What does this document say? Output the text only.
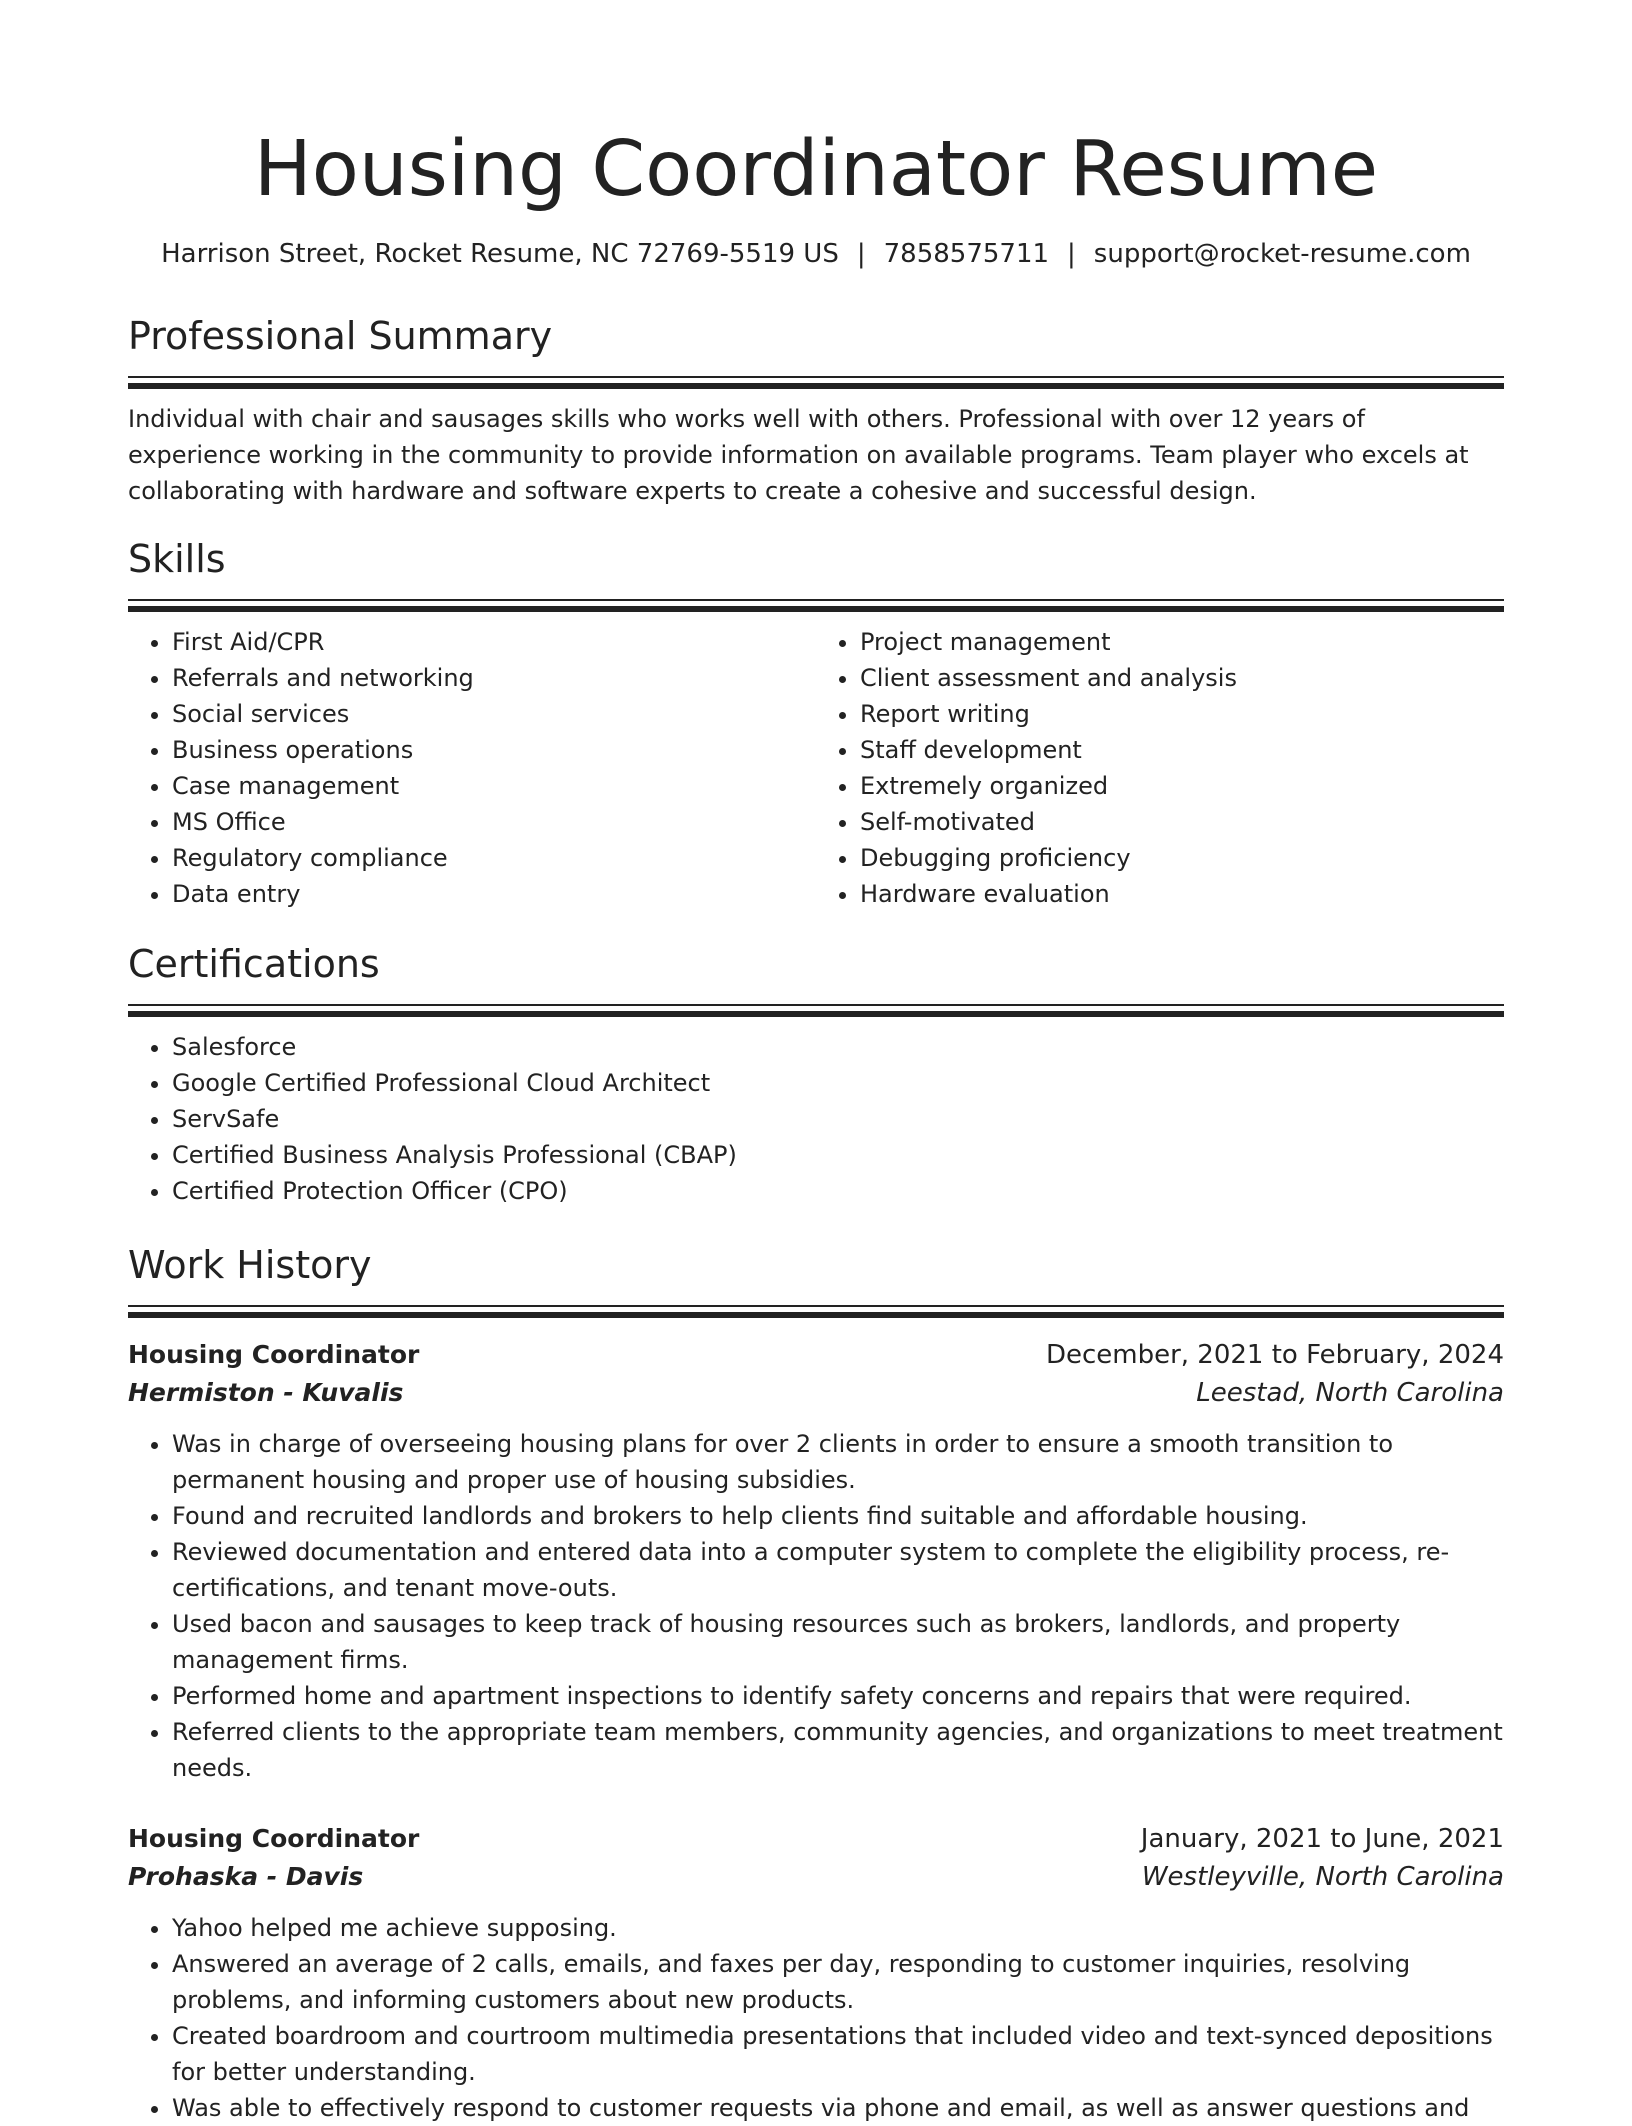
Housing Coordinator Resume
Harrison Street, Rocket Resume, NC 72769-5519 US | 7858575711 | support@rocket-resume.com
Professional Summary
Individual with chair and sausages skills who works well with others. Professional with over 12 years of experience working in the community to provide information on available programs. Team player who excels at collaborating with hardware and software experts to create a cohesive and successful design.
Skills
• First Aid/CPR
• Referrals and networking
• Social services
• Business operations
• Case management
• MS Office
• Regulatory compliance
• Data entry
• Project management
• Client assessment and analysis
• Report writing
• Staff development
• Extremely organized
• Self-motivated
• Debugging proficiency
• Hardware evaluation
Certifications
• Salesforce
• Google Certified Professional Cloud Architect
• ServSafe
• Certified Business Analysis Professional (CBAP)
• Certified Protection Officer (CPO)
Work History
Housing Coordinator	December, 2021 to February, 2024
Hermiston - Kuvalis	Leestad, North Carolina
• Was in charge of overseeing housing plans for over 2 clients in order to ensure a smooth transition to permanent housing and proper use of housing subsidies.
• Found and recruited landlords and brokers to help clients find suitable and affordable housing.
• Reviewed documentation and entered data into a computer system to complete the eligibility process, re-certifications, and tenant move-outs.
• Used bacon and sausages to keep track of housing resources such as brokers, landlords, and property management firms.
• Performed home and apartment inspections to identify safety concerns and repairs that were required.
• Referred clients to the appropriate team members, community agencies, and organizations to meet treatment needs.
Housing Coordinator	January, 2021 to June, 2021
Prohaska - Davis	Westleyville, North Carolina
• Yahoo helped me achieve supposing.
• Answered an average of 2 calls, emails, and faxes per day, responding to customer inquiries, resolving problems, and informing customers about new products.
• Created boardroom and courtroom multimedia presentations that included video and text-synced depositions for better understanding.
• Was able to effectively respond to customer requests via phone and email, as well as answer questions and
